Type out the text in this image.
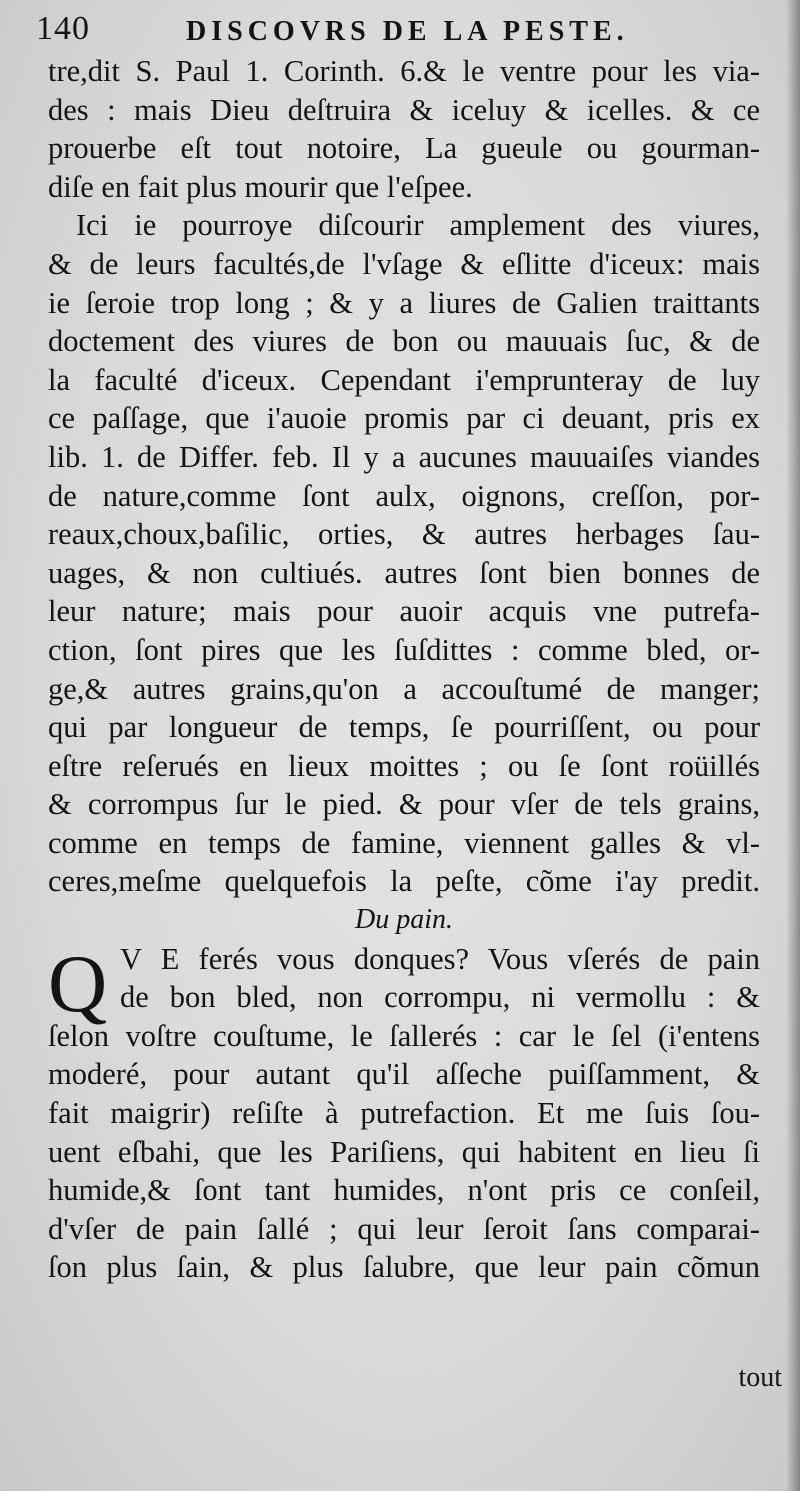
140	DISCOVRS DE LA PESTE.
tre,dit S. Paul 1. Corinth. 6.& le ventre pour les via-
des : mais Dieu deſtruira & iceluy & icelles. & ce
prouerbe eſt tout notoire, La gueule ou gourman-
diſe en fait plus mourir que l'eſpee.
Ici ie pourroye diſcourir amplement des viures,
& de leurs facultés,de l'vſage & eſlitte d'iceux: mais
ie ſeroie trop long ; & y a liures de Galien traittants
doctement des viures de bon ou mauuais ſuc, & de
la faculté d'iceux. Cependant i'emprunteray de luy
ce paſſage, que i'auoie promis par ci deuant, pris ex
lib. 1. de Differ. feb. Il y a aucunes mauuaiſes viandes
de nature,comme ſont aulx, oignons, creſſon, por-
reaux,choux,baſilic, orties, & autres herbages ſau-
uages, & non cultiués. autres ſont bien bonnes de
leur nature; mais pour auoir acquis vne putrefa-
ction, ſont pires que les ſuſdittes : comme bled, or-
ge,& autres grains,qu'on a accouſtumé de manger;
qui par longueur de temps, ſe pourriſſent, ou pour
eſtre reſerués en lieux moittes ; ou ſe ſont roüillés
& corrompus ſur le pied. & pour vſer de tels grains,
comme en temps de famine, viennent galles & vl-
ceres,meſme quelquefois la peſte, cõme i'ay predit.
Du pain.
Q V E ferés vous donques? Vous vſerés de pain
de bon bled, non corrompu, ni vermollu : &
ſelon voſtre couſtume, le ſallerés : car le ſel (i'entens
moderé, pour autant qu'il aſſeche puiſſamment, &
fait maigrir) reſiſte à putrefaction. Et me ſuis ſou-
uent eſbahi, que les Pariſiens, qui habitent en lieu ſi
humide,& ſont tant humides, n'ont pris ce conſeil,
d'vſer de pain ſallé ; qui leur ſeroit ſans comparai-
ſon plus ſain, & plus ſalubre, que leur pain cõmun
tout
